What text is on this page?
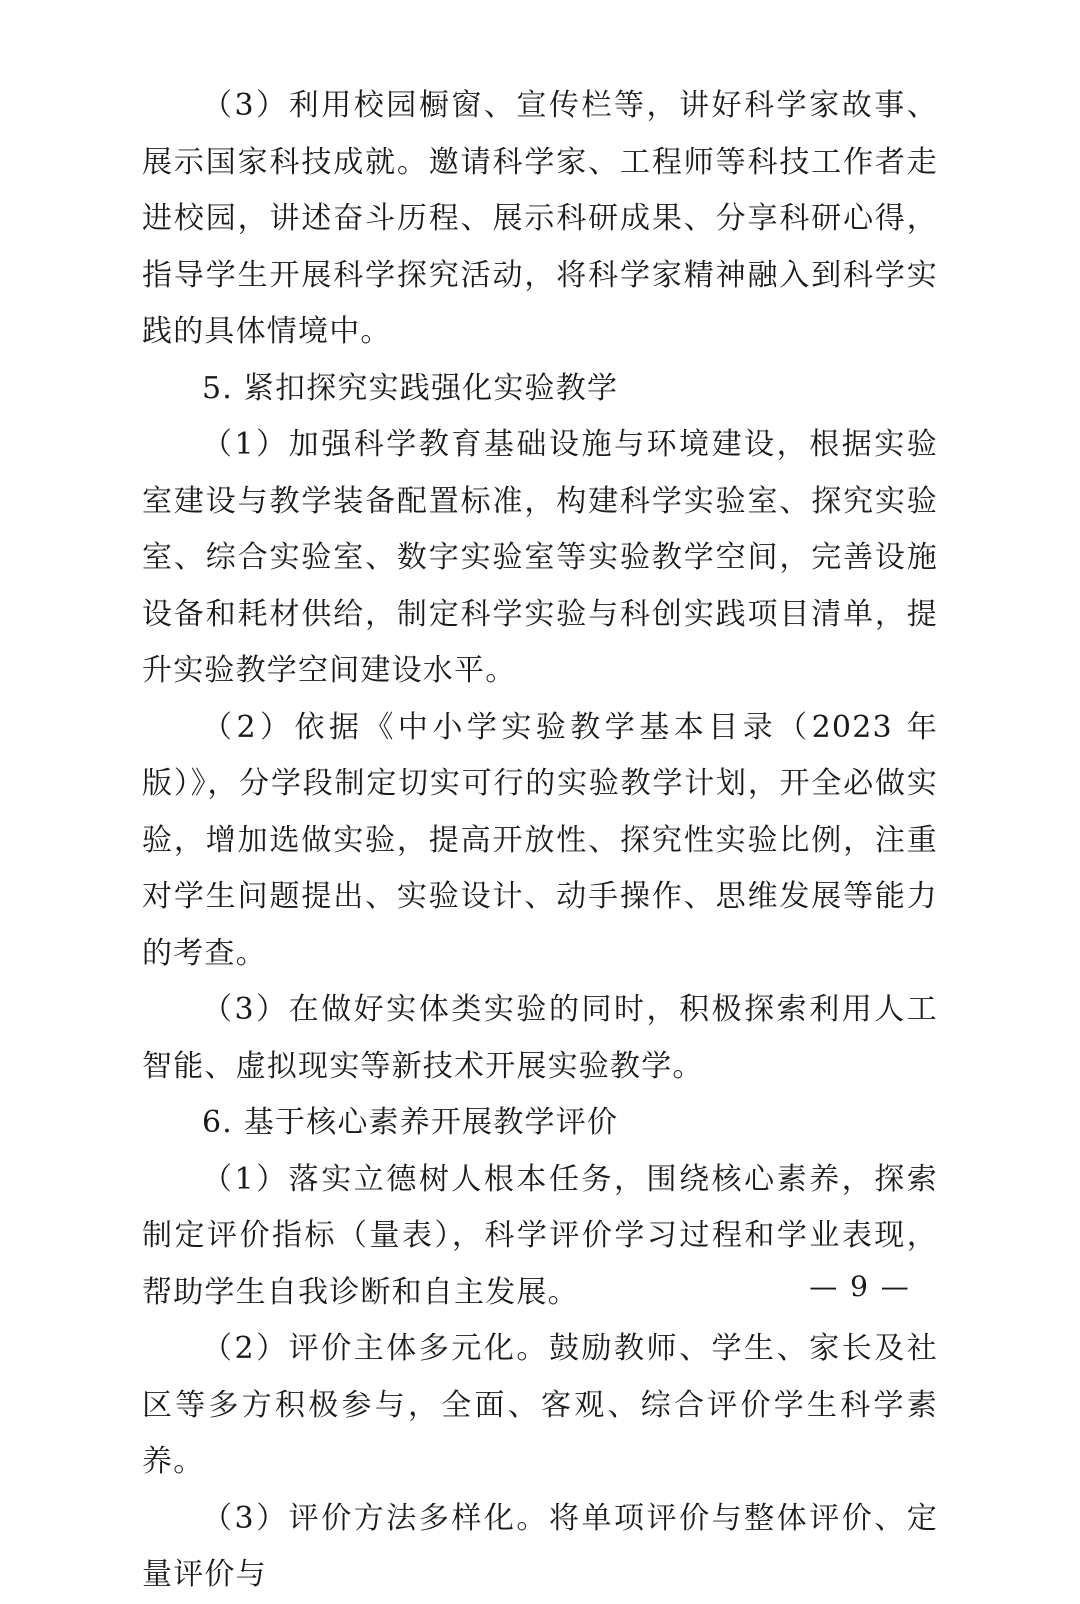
（3）利用校园橱窗、宣传栏等，讲好科学家故事、展示国家科技成就。邀请科学家、工程师等科技工作者走进校园，讲述奋斗历程、展示科研成果、分享科研心得，指导学生开展科学探究活动，将科学家精神融入到科学实践的具体情境中。

5. 紧扣探究实践强化实验教学

（1）加强科学教育基础设施与环境建设，根据实验室建设与教学装备配置标准，构建科学实验室、探究实验室、综合实验室、数字实验室等实验教学空间，完善设施设备和耗材供给，制定科学实验与科创实践项目清单，提升实验教学空间建设水平。

（2）依据《中小学实验教学基本目录（2023 年版）》，分学段制定切实可行的实验教学计划，开全必做实验，增加选做实验，提高开放性、探究性实验比例，注重对学生问题提出、实验设计、动手操作、思维发展等能力的考查。

（3）在做好实体类实验的同时，积极探索利用人工智能、虚拟现实等新技术开展实验教学。

6. 基于核心素养开展教学评价

（1）落实立德树人根本任务，围绕核心素养，探索制定评价指标（量表），科学评价学习过程和学业表现，帮助学生自我诊断和自主发展。

（2）评价主体多元化。鼓励教师、学生、家长及社区等多方积极参与，全面、客观、综合评价学生科学素养。

（3）评价方法多样化。将单项评价与整体评价、定量评价与

— 9 —
